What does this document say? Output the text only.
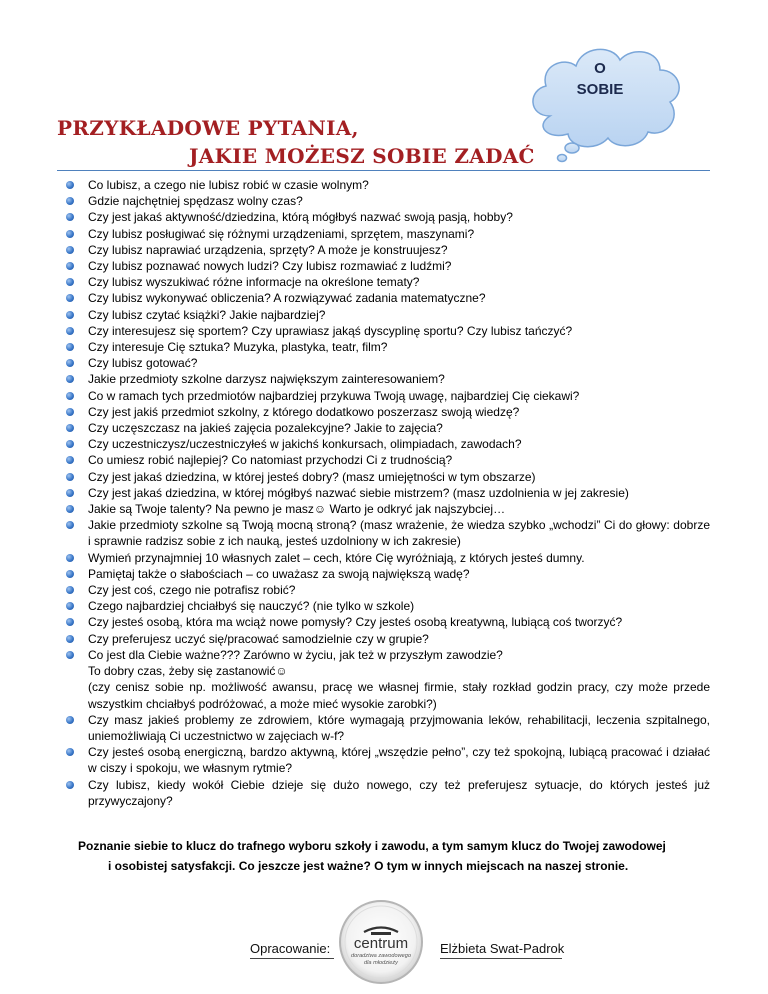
O
SOBIE
PRZYKŁADOWE PYTANIA,
JAKIE MOŻESZ SOBIE ZADAĆ
Co lubisz, a czego nie lubisz robić w czasie wolnym?
Gdzie najchętniej spędzasz wolny czas?
Czy jest jakaś aktywność/dziedzina, którą mógłbyś nazwać swoją pasją, hobby?
Czy lubisz posługiwać się różnymi urządzeniami, sprzętem, maszynami?
Czy lubisz naprawiać urządzenia, sprzęty? A może je konstruujesz?
Czy lubisz poznawać nowych ludzi? Czy lubisz rozmawiać z ludźmi?
Czy lubisz wyszukiwać różne informacje na określone tematy?
Czy lubisz wykonywać obliczenia? A rozwiązywać zadania matematyczne?
Czy lubisz czytać książki? Jakie najbardziej?
Czy interesujesz się sportem? Czy uprawiasz jakąś dyscyplinę sportu? Czy lubisz tańczyć?
Czy interesuje Cię sztuka? Muzyka, plastyka, teatr, film?
Czy lubisz gotować?
Jakie przedmioty szkolne darzysz największym zainteresowaniem?
Co w ramach tych przedmiotów najbardziej przykuwa Twoją uwagę, najbardziej Cię ciekawi?
Czy jest jakiś przedmiot szkolny, z którego dodatkowo poszerzasz swoją wiedzę?
Czy uczęszczasz na jakieś zajęcia pozalekcyjne? Jakie to zajęcia?
Czy uczestniczysz/uczestniczyłeś w jakichś konkursach, olimpiadach, zawodach?
Co umiesz robić najlepiej? Co natomiast przychodzi Ci z trudnością?
Czy jest jakaś dziedzina, w której jesteś dobry? (masz umiejętności w tym obszarze)
Czy jest jakaś dziedzina, w której mógłbyś nazwać siebie mistrzem? (masz uzdolnienia w jej zakresie)
Jakie są Twoje talenty? Na pewno je masz☺ Warto je odkryć jak najszybciej…
Jakie przedmioty szkolne są Twoją mocną stroną? (masz wrażenie, że wiedza szybko „wchodzi” Ci do głowy: dobrze i sprawnie radzisz sobie z ich nauką, jesteś uzdolniony w ich zakresie)
Wymień przynajmniej 10 własnych zalet – cech, które Cię wyróżniają, z których jesteś dumny.
Pamiętaj także o słabościach – co uważasz za swoją największą wadę?
Czy jest coś, czego nie potrafisz robić?
Czego najbardziej chciałbyś się nauczyć? (nie tylko w szkole)
Czy jesteś osobą, która ma wciąż nowe pomysły? Czy jesteś osobą kreatywną, lubiącą coś tworzyć?
Czy preferujesz uczyć się/pracować samodzielnie czy w grupie?
Co jest dla Ciebie ważne??? Zarówno w życiu, jak też w przyszłym zawodzie?
To dobry czas, żeby się zastanowić☺
(czy cenisz sobie np. możliwość awansu, pracę we własnej firmie, stały rozkład godzin pracy, czy może przede wszystkim chciałbyś podróżować, a może mieć wysokie zarobki?)
Czy masz jakieś problemy ze zdrowiem, które wymagają przyjmowania leków, rehabilitacji, leczenia szpitalnego, uniemożliwiają Ci uczestnictwo w zajęciach w-f?
Czy jesteś osobą energiczną, bardzo aktywną, której „wszędzie pełno”, czy też spokojną, lubiącą pracować i działać w ciszy i spokoju, we własnym rytmie?
Czy lubisz, kiedy wokół Ciebie dzieje się dużo nowego, czy też preferujesz sytuacje, do których jesteś już przywyczajony?
Poznanie siebie to klucz do trafnego wyboru szkoły i zawodu, a tym samym klucz do Twojej zawodowej
i osobistej satysfakcji. Co jeszcze jest ważne? O tym w innych miejscach na naszej stronie.
centrum
doradztwa zawodowego
dla młodzieży
Opracowanie:	Elżbieta Swat-Padrok
